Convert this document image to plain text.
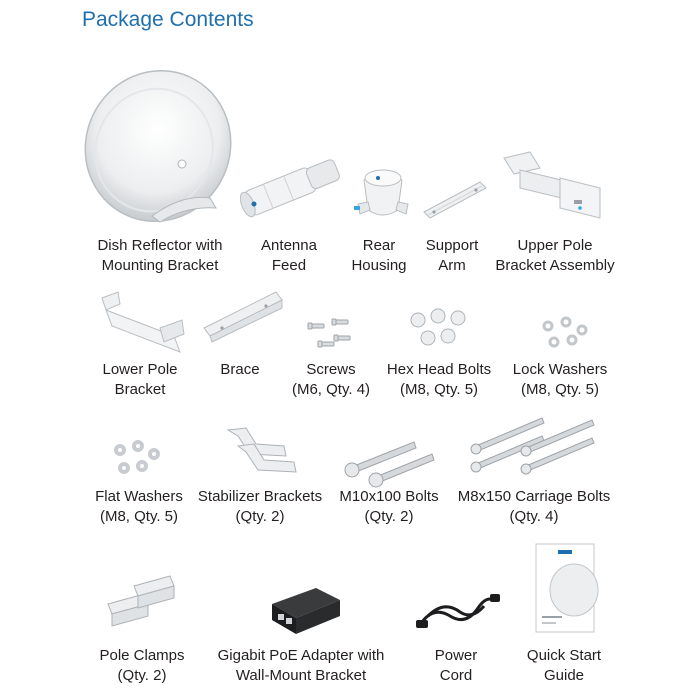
Package Contents
Dish Reflector with
Mounting Bracket
Antenna
Feed
Rear
Housing
Support
Arm
Upper Pole
Bracket Assembly
Lower Pole
Bracket
Brace	Screws
(M6, Qty. 4)
Hex Head Bolts
(M8, Qty. 5)
Lock Washers
(M8, Qty. 5)
Flat Washers
(M8, Qty. 5)
Stabilizer Brackets
(Qty. 2)
M10x100 Bolts
(Qty. 2)
M8x150 Carriage Bolts
(Qty. 4)
Pole Clamps
(Qty. 2)
Gigabit PoE Adapter with
Wall-Mount Bracket
Power
Cord
Quick Start
Guide
